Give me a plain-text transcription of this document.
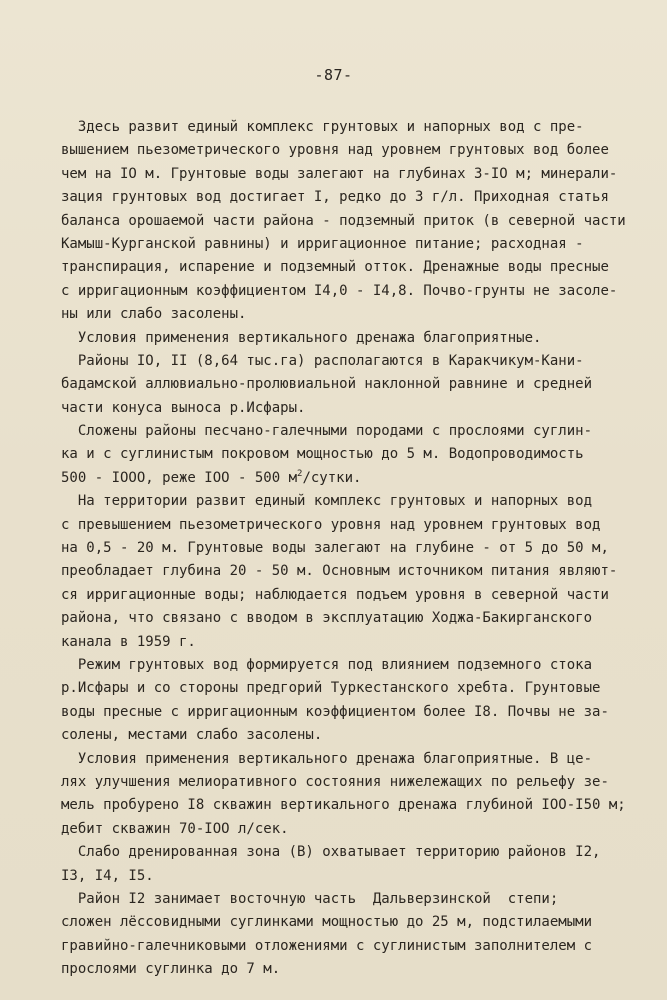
-87-
Здесь развит единый комплекс грунтовых и напорных вод с пре-
вышением пьезометрического уровня над уровнем грунтовых вод более
чем на IO м. Грунтовые воды залегают на глубинах 3-IO м; минерали-
зация грунтовых вод достигает I, редко до 3 г/л. Приходная статья
баланса орошаемой части района - подземный приток (в северной части
Камыш-Курганской равнины) и ирригационное питание; расходная -
транспирация, испарение и подземный отток. Дренажные воды пресные
с ирригационным коэффициентом I4,0 - I4,8. Почво-грунты не засоле-
ны или слабо засолены.
Условия применения вертикального дренажа благоприятные.
Районы IO, II (8,64 тыс.га) располагаются в Каракчикум-Кани-
бадамской аллювиально-пролювиальной наклонной равнине и средней
части конуса выноса р.Исфары.
Сложены районы песчано-галечными породами с прослоями суглин-
ка и с суглинистым покровом мощностью до 5 м. Водопроводимость
500 - IOOO, реже IOO - 500 $м^2$/сутки.
На территории развит единый комплекс грунтовых и напорных вод
с превышением пьезометрического уровня над уровнем грунтовых вод
на 0,5 - 20 м. Грунтовые воды залегают на глубине - от 5 до 50 м,
преобладает глубина 20 - 50 м. Основным источником питания являют-
ся ирригационные воды; наблюдается подъем уровня в северной части
района, что связано с вводом в эксплуатацию Ходжа-Бакирганского
канала в 1959 г.
Режим грунтовых вод формируется под влиянием подземного стока
р.Исфары и со стороны предгорий Туркестанского хребта. Грунтовые
воды пресные с ирригационным коэффициентом более I8. Почвы не за-
солены, местами слабо засолены.
Условия применения вертикального дренажа благоприятные. В це-
лях улучшения мелиоративного состояния нижележащих по рельефу зе-
мель пробурено I8 скважин вертикального дренажа глубиной IOO-I50 м;
дебит скважин 70-IOO л/сек.
Слабо дренированная зона (В) охватывает территорию районов I2,
I3, I4, I5.
Район I2 занимает восточную часть  Дальверзинской  степи;
сложен лёссовидными суглинками мощностью до 25 м, подстилаемыми
гравийно-галечниковыми отложениями с суглинистым заполнителем с
прослоями суглинка до 7 м.
